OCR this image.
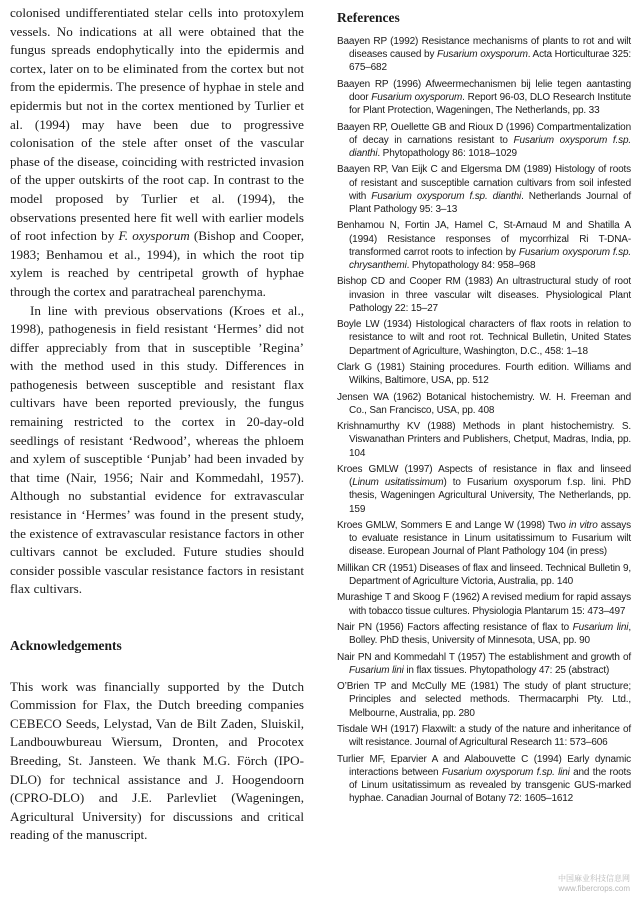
colonised undifferentiated stelar cells into protoxylem vessels. No indications at all were obtained that the fungus spreads endophytically into the epidermis and cortex, later on to be eliminated from the cortex but not from the epidermis. The presence of hyphae in stele and epidermis but not in the cortex mentioned by Turlier et al. (1994) may have been due to progressive colonisation of the stele after onset of the vascular phase of the disease, coinciding with restricted invasion of the upper outskirts of the root cap. In contrast to the model proposed by Turlier et al. (1994), the observations presented here fit well with earlier models of root infection by F. oxysporum (Bishop and Cooper, 1983; Benhamou et al., 1994), in which the root tip xylem is reached by centripetal growth of hyphae through the cortex and paratracheal parenchyma.

In line with previous observations (Kroes et al., 1998), pathogenesis in field resistant ‘Hermes’ did not differ appreciably from that in susceptible ’Regina’ with the method used in this study. Differences in pathogenesis between susceptible and resistant flax cultivars have been reported previously, the fungus remaining restricted to the cortex in 20-day-old seedlings of resistant ‘Redwood’, whereas the phloem and xylem of susceptible ‘Punjab’ had been invaded by that time (Nair, 1956; Nair and Kommedahl, 1957). Although no substantial evidence for extravascular resistance in ‘Hermes’ was found in the present study, the existence of extravascular resistance factors in other cultivars cannot be excluded. Future studies should consider possible vascular resistance factors in resistant flax cultivars.

Acknowledgements

This work was financially supported by the Dutch Commission for Flax, the Dutch breeding companies CEBECO Seeds, Lelystad, Van de Bilt Zaden, Sluiskil, Landbouwbureau Wiersum, Dronten, and Procotex Breeding, St. Jansteen. We thank M.G. Förch (IPO-DLO) for technical assistance and J. Hoogendoorn (CPRO-DLO) and J.E. Parlevliet (Wageningen, Agricultural University) for discussions and critical reading of the manuscript.

References
Baayen RP (1992) Resistance mechanisms of plants to rot and wilt diseases caused by Fusarium oxysporum. Acta Horticulturae 325: 675–682
Baayen RP (1996) Afweermechanismen bij lelie tegen aantasting door Fusarium oxysporum. Report 96-03, DLO Research Institute for Plant Protection, Wageningen, The Netherlands, pp. 33
Baayen RP, Ouellette GB and Rioux D (1996) Compartmentalization of decay in carnations resistant to Fusarium oxysporum f.sp. dianthi. Phytopathology 86: 1018–1029
Baayen RP, Van Eijk C and Elgersma DM (1989) Histology of roots of resistant and susceptible carnation cultivars from soil infested with Fusarium oxysporum f.sp. dianthi. Netherlands Journal of Plant Pathology 95: 3–13
Benhamou N, Fortin JA, Hamel C, St-Arnaud M and Shatilla A (1994) Resistance responses of mycorrhizal Ri T-DNA-transformed carrot roots to infection by Fusarium oxysporum f.sp. chrysanthemi. Phytopathology 84: 958–968
Bishop CD and Cooper RM (1983) An ultrastructural study of root invasion in three vascular wilt diseases. Physiological Plant Pathology 22: 15–27
Boyle LW (1934) Histological characters of flax roots in relation to resistance to wilt and root rot. Technical Bulletin, United States Department of Agriculture, Washington, D.C., 458: 1–18
Clark G (1981) Staining procedures. Fourth edition. Williams and Wilkins, Baltimore, USA, pp. 512
Jensen WA (1962) Botanical histochemistry. W. H. Freeman and Co., San Francisco, USA, pp. 408
Krishnamurthy KV (1988) Methods in plant histochemistry. S. Viswanathan Printers and Publishers, Chetput, Madras, India, pp. 104
Kroes GMLW (1997) Aspects of resistance in flax and linseed (Linum usitatissimum) to Fusarium oxysporum f.sp. lini. PhD thesis, Wageningen Agricultural University, The Netherlands, pp. 159
Kroes GMLW, Sommers E and Lange W (1998) Two in vitro assays to evaluate resistance in Linum usitatissimum to Fusarium wilt disease. European Journal of Plant Pathology 104 (in press)
Millikan CR (1951) Diseases of flax and linseed. Technical Bulletin 9, Department of Agriculture Victoria, Australia, pp. 140
Murashige T and Skoog F (1962) A revised medium for rapid assays with tobacco tissue cultures. Physiologia Plantarum 15: 473–497
Nair PN (1956) Factors affecting resistance of flax to Fusarium lini, Bolley. PhD thesis, University of Minnesota, USA, pp. 90
Nair PN and Kommedahl T (1957) The establishment and growth of Fusarium lini in flax tissues. Phytopathology 47: 25 (abstract)
O’Brien TP and McCully ME (1981) The study of plant structure; Principles and selected methods. Thermacarphi Pty. Ltd., Melbourne, Australia, pp. 280
Tisdale WH (1917) Flaxwilt: a study of the nature and inheritance of wilt resistance. Journal of Agricultural Research 11: 573–606
Turlier MF, Eparvier A and Alabouvette C (1994) Early dynamic interactions between Fusarium oxysporum f.sp. lini and the roots of Linum usitatissimum as revealed by transgenic GUS-marked hyphae. Canadian Journal of Botany 72: 1605–1612
中国麻业科技信息网
www.fibercrops.com
